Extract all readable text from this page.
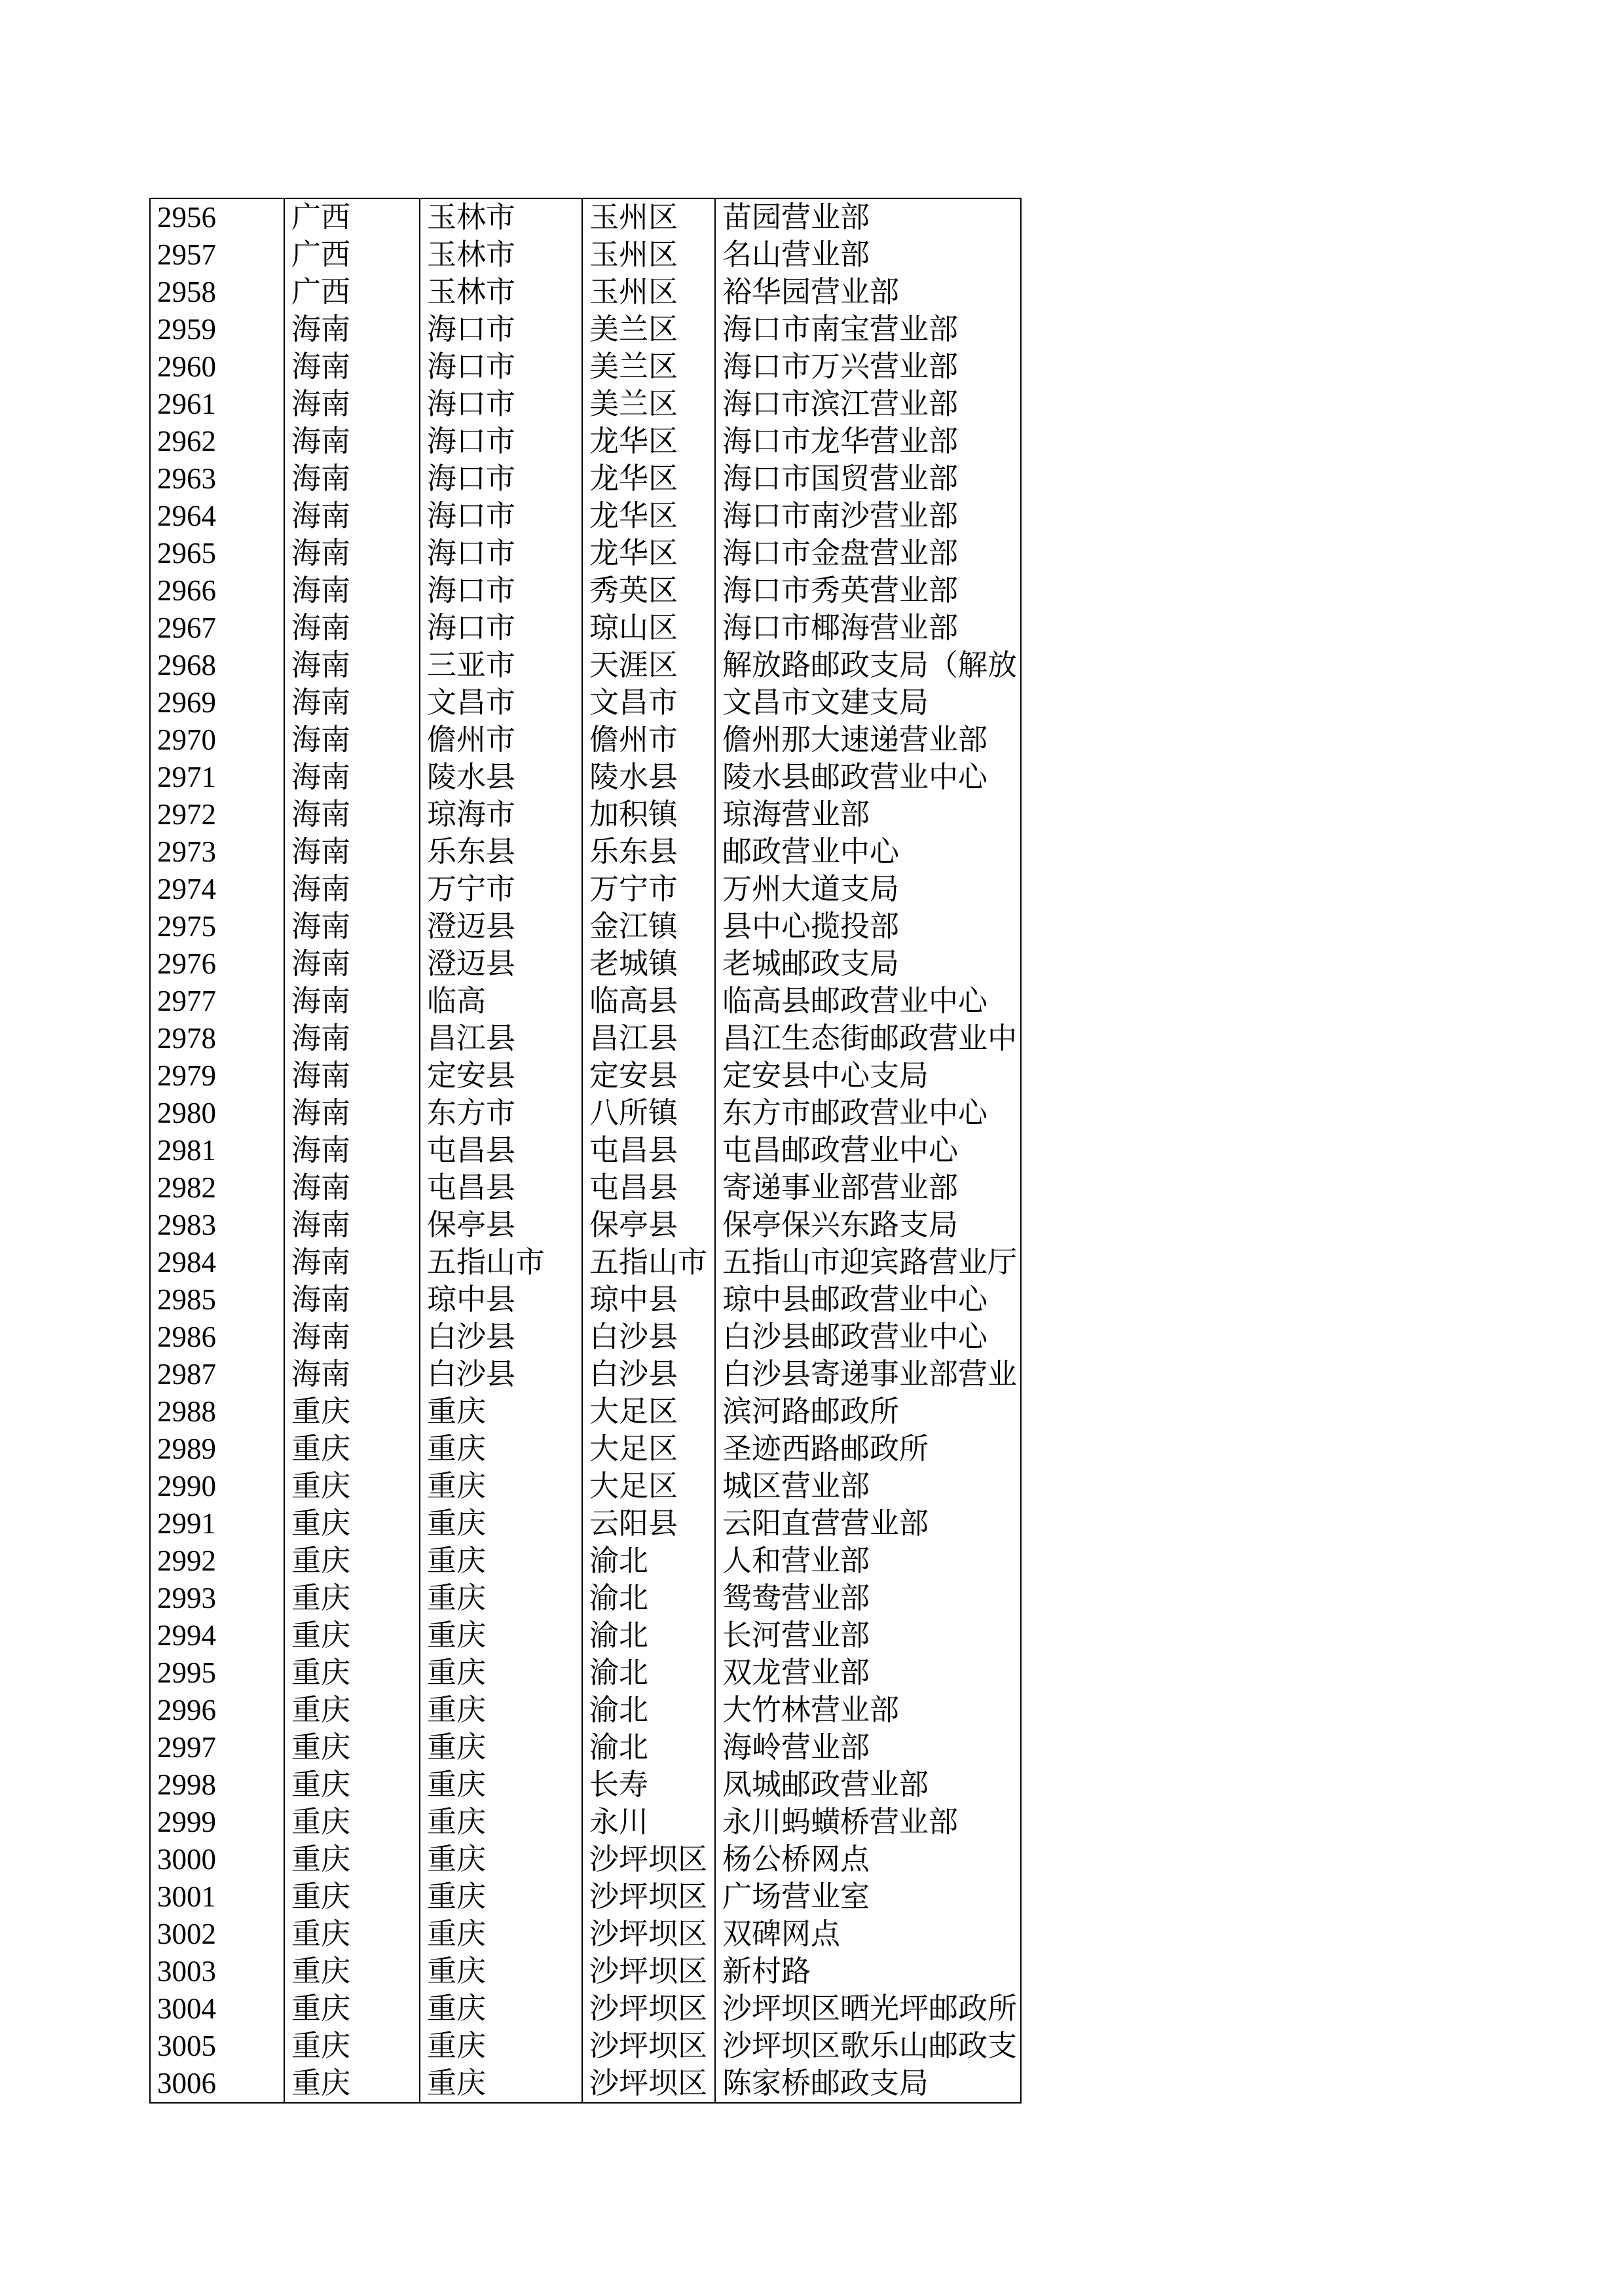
2956	广西	玉林市	玉州区	苗园营业部
2957	广西	玉林市	玉州区	名山营业部
2958	广西	玉林市	玉州区	裕华园营业部
2959	海南	海口市	美兰区	海口市南宝营业部
2960	海南	海口市	美兰区	海口市万兴营业部
2961	海南	海口市	美兰区	海口市滨江营业部
2962	海南	海口市	龙华区	海口市龙华营业部
2963	海南	海口市	龙华区	海口市国贸营业部
2964	海南	海口市	龙华区	海口市南沙营业部
2965	海南	海口市	龙华区	海口市金盘营业部
2966	海南	海口市	秀英区	海口市秀英营业部
2967	海南	海口市	琼山区	海口市椰海营业部
2968	海南	三亚市	天涯区	解放路邮政支局（解放
2969	海南	文昌市	文昌市	文昌市文建支局
2970	海南	儋州市	儋州市	儋州那大速递营业部
2971	海南	陵水县	陵水县	陵水县邮政营业中心
2972	海南	琼海市	加积镇	琼海营业部
2973	海南	乐东县	乐东县	邮政营业中心
2974	海南	万宁市	万宁市	万州大道支局
2975	海南	澄迈县	金江镇	县中心揽投部
2976	海南	澄迈县	老城镇	老城邮政支局
2977	海南	临高	临高县	临高县邮政营业中心
2978	海南	昌江县	昌江县	昌江生态街邮政营业中
2979	海南	定安县	定安县	定安县中心支局
2980	海南	东方市	八所镇	东方市邮政营业中心
2981	海南	屯昌县	屯昌县	屯昌邮政营业中心
2982	海南	屯昌县	屯昌县	寄递事业部营业部
2983	海南	保亭县	保亭县	保亭保兴东路支局
2984	海南	五指山市	五指山市	五指山市迎宾路营业厅
2985	海南	琼中县	琼中县	琼中县邮政营业中心
2986	海南	白沙县	白沙县	白沙县邮政营业中心
2987	海南	白沙县	白沙县	白沙县寄递事业部营业
2988	重庆	重庆	大足区	滨河路邮政所
2989	重庆	重庆	大足区	圣迹西路邮政所
2990	重庆	重庆	大足区	城区营业部
2991	重庆	重庆	云阳县	云阳直营营业部
2992	重庆	重庆	渝北	人和营业部
2993	重庆	重庆	渝北	鸳鸯营业部
2994	重庆	重庆	渝北	长河营业部
2995	重庆	重庆	渝北	双龙营业部
2996	重庆	重庆	渝北	大竹林营业部
2997	重庆	重庆	渝北	海岭营业部
2998	重庆	重庆	长寿	凤城邮政营业部
2999	重庆	重庆	永川	永川蚂蟥桥营业部
3000	重庆	重庆	沙坪坝区	杨公桥网点
3001	重庆	重庆	沙坪坝区	广场营业室
3002	重庆	重庆	沙坪坝区	双碑网点
3003	重庆	重庆	沙坪坝区	新村路
3004	重庆	重庆	沙坪坝区	沙坪坝区晒光坪邮政所
3005	重庆	重庆	沙坪坝区	沙坪坝区歌乐山邮政支
3006	重庆	重庆	沙坪坝区	陈家桥邮政支局
